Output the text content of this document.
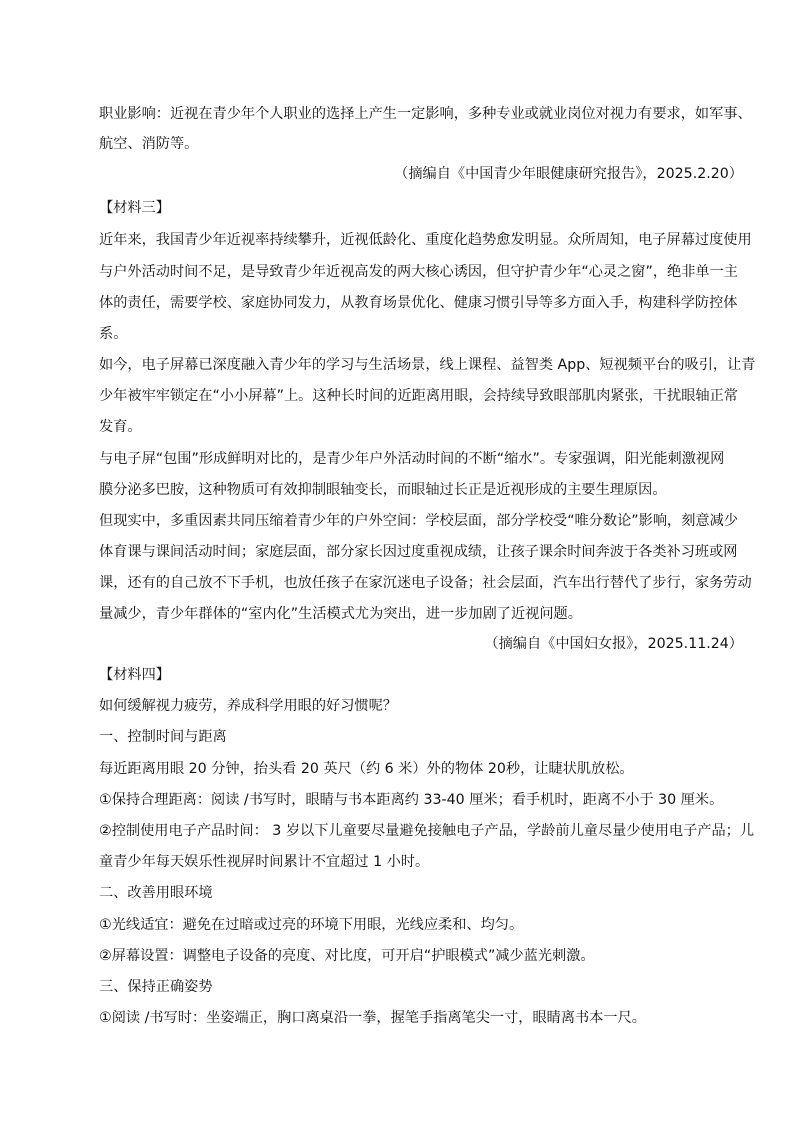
职业影响：近视在青少年个人职业的选择上产生一定影响，多种专业或就业岗位对视力有要求，如军事、
航空、消防等。
（摘编自《中国青少年眼健康研究报告》，2025.2.20）
【材料三】
近年来，我国青少年近视率持续攀升，近视低龄化、重度化趋势愈发明显。众所周知，电子屏幕过度使用
与户外活动时间不足，是导致青少年近视高发的两大核心诱因，但守护青少年“心灵之窗”，绝非单一主
体的责任，需要学校、家庭协同发力，从教育场景优化、健康习惯引导等多方面入手，构建科学防控体
系。
如今，电子屏幕已深度融入青少年的学习与生活场景，线上课程、益智类 App、短视频平台的吸引，让青
少年被牢牢锁定在“小小屏幕”上。这种长时间的近距离用眼，会持续导致眼部肌肉紧张，干扰眼轴正常
发育。
与电子屏“包围”形成鲜明对比的，是青少年户外活动时间的不断“缩水”。专家强调，阳光能刺激视网
膜分泌多巴胺，这种物质可有效抑制眼轴变长，而眼轴过长正是近视形成的主要生理原因。
但现实中，多重因素共同压缩着青少年的户外空间：学校层面，部分学校受“唯分数论”影响，刻意减少
体育课与课间活动时间；家庭层面，部分家长因过度重视成绩，让孩子课余时间奔波于各类补习班或网
课，还有的自己放不下手机，也放任孩子在家沉迷电子设备；社会层面，汽车出行替代了步行，家务劳动
量减少，青少年群体的“室内化”生活模式尤为突出，进一步加剧了近视问题。
（摘编自《中国妇女报》，2025.11.24）
【材料四】
如何缓解视力疲劳，养成科学用眼的好习惯呢？
一、控制时间与距离
每近距离用眼 20 分钟，抬头看 20 英尺（约 6 米）外的物体 20秒，让睫状肌放松。
①保持合理距离：阅读 /书写时，眼睛与书本距离约 33-40 厘米；看手机时，距离不小于 30 厘米。
②控制使用电子产品时间： 3 岁以下儿童要尽量避免接触电子产品，学龄前儿童尽量少使用电子产品；儿
童青少年每天娱乐性视屏时间累计不宜超过 1 小时。
二、改善用眼环境
①光线适宜：避免在过暗或过亮的环境下用眼，光线应柔和、均匀。
②屏幕设置：调整电子设备的亮度、对比度，可开启“护眼模式”减少蓝光刺激。
三、保持正确姿势
①阅读 /书写时：坐姿端正，胸口离桌沿一拳，握笔手指离笔尖一寸，眼睛离书本一尺。
